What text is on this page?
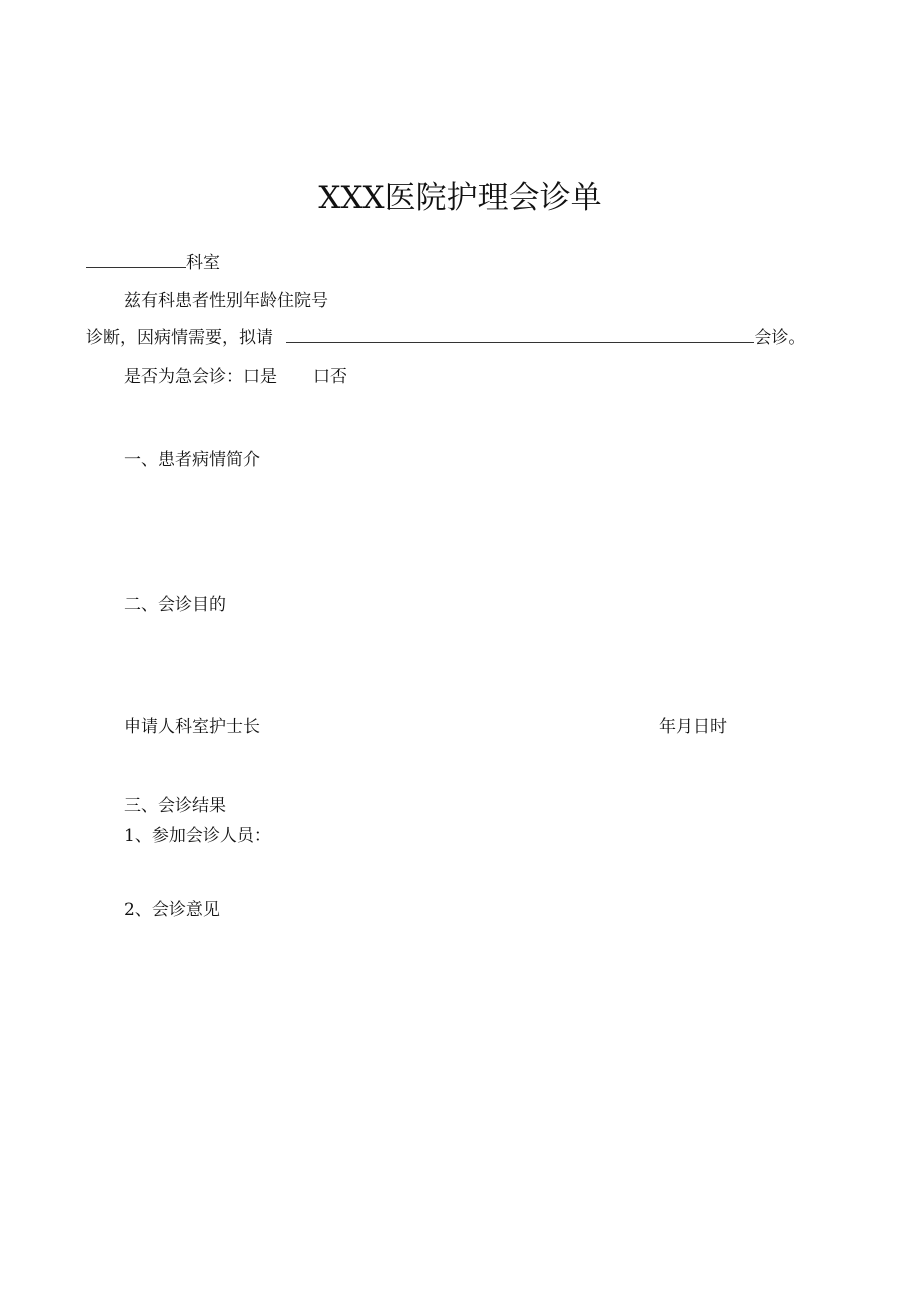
XXX医院护理会诊单
科室
兹有科患者性别年龄住院号
诊断，因病情需要，拟请	会诊。
是否为急会诊：口是 口否
一、患者病情简介
二、会诊目的
申请人科室护士长	年月日时
三、会诊结果
1、参加会诊人员：
2、会诊意见
